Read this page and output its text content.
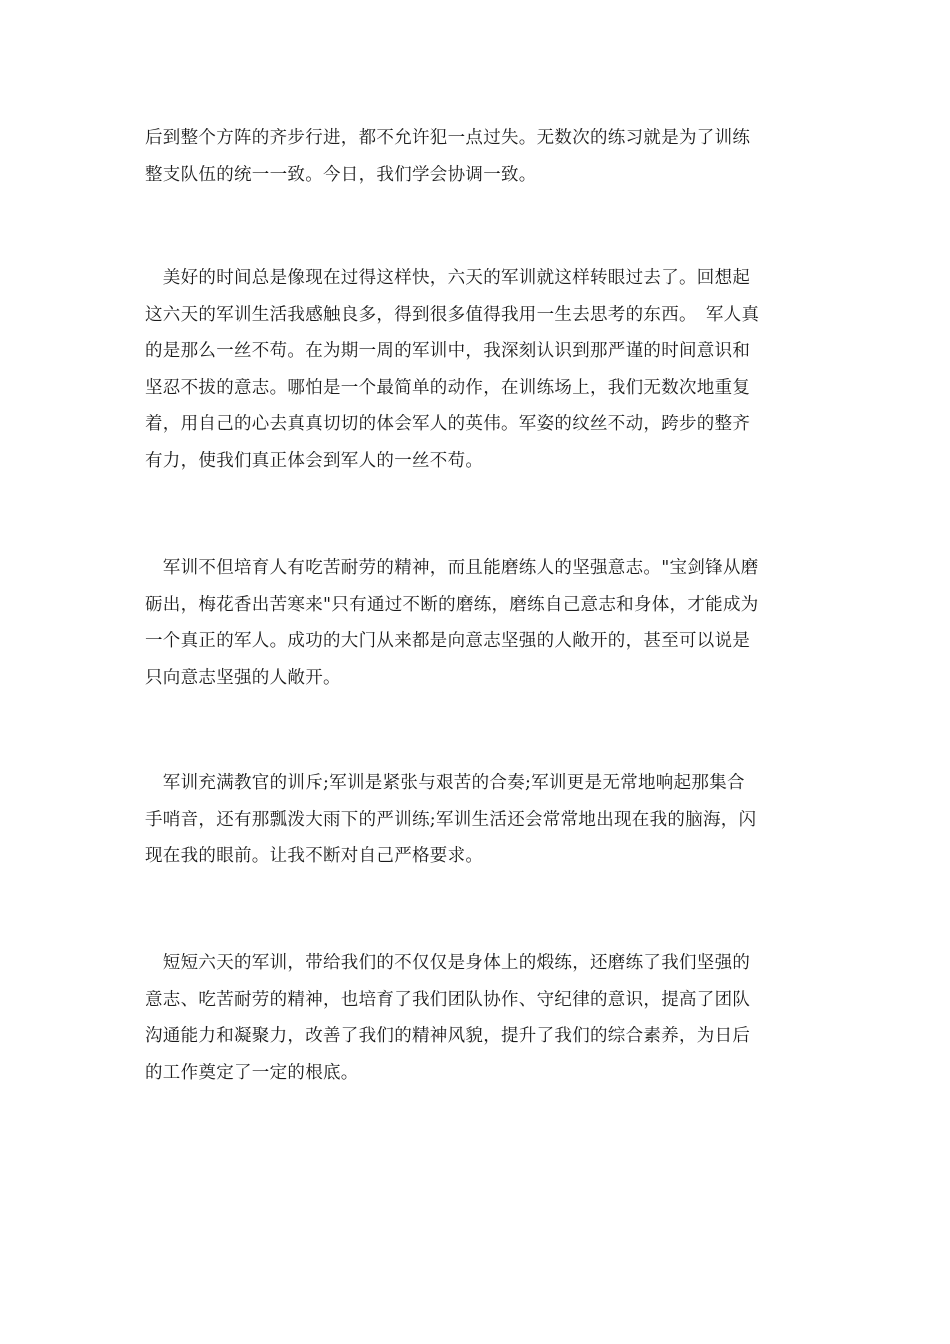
后到整个方阵的齐步行进，都不允许犯一点过失。无数次的练习就是为了训练
整支队伍的统一一致。今日，我们学会协调一致。

　美好的时间总是像现在过得这样快，六天的军训就这样转眼过去了。回想起
这六天的军训生活我感触良多，得到很多值得我用一生去思考的东西。　军人真
的是那么一丝不苟。在为期一周的军训中，我深刻认识到那严谨的时间意识和
坚忍不拔的意志。哪怕是一个最简单的动作，在训练场上，我们无数次地重复
着，用自己的心去真真切切的体会军人的英伟。军姿的纹丝不动，跨步的整齐
有力，使我们真正体会到军人的一丝不苟。

　军训不但培育人有吃苦耐劳的精神，而且能磨练人的坚强意志。"宝剑锋从磨
砺出，梅花香出苦寒来"只有通过不断的磨练，磨练自己意志和身体，才能成为
一个真正的军人。成功的大门从来都是向意志坚强的人敞开的，甚至可以说是
只向意志坚强的人敞开。

　军训充满教官的训斥;军训是紧张与艰苦的合奏;军训更是无常地响起那集合
手哨音，还有那瓢泼大雨下的严训练;军训生活还会常常地出现在我的脑海，闪
现在我的眼前。让我不断对自己严格要求。

　短短六天的军训，带给我们的不仅仅是身体上的煅练，还磨练了我们坚强的
意志、吃苦耐劳的精神，也培育了我们团队协作、守纪律的意识，提高了团队
沟通能力和凝聚力，改善了我们的精神风貌，提升了我们的综合素养，为日后
的工作奠定了一定的根底。
